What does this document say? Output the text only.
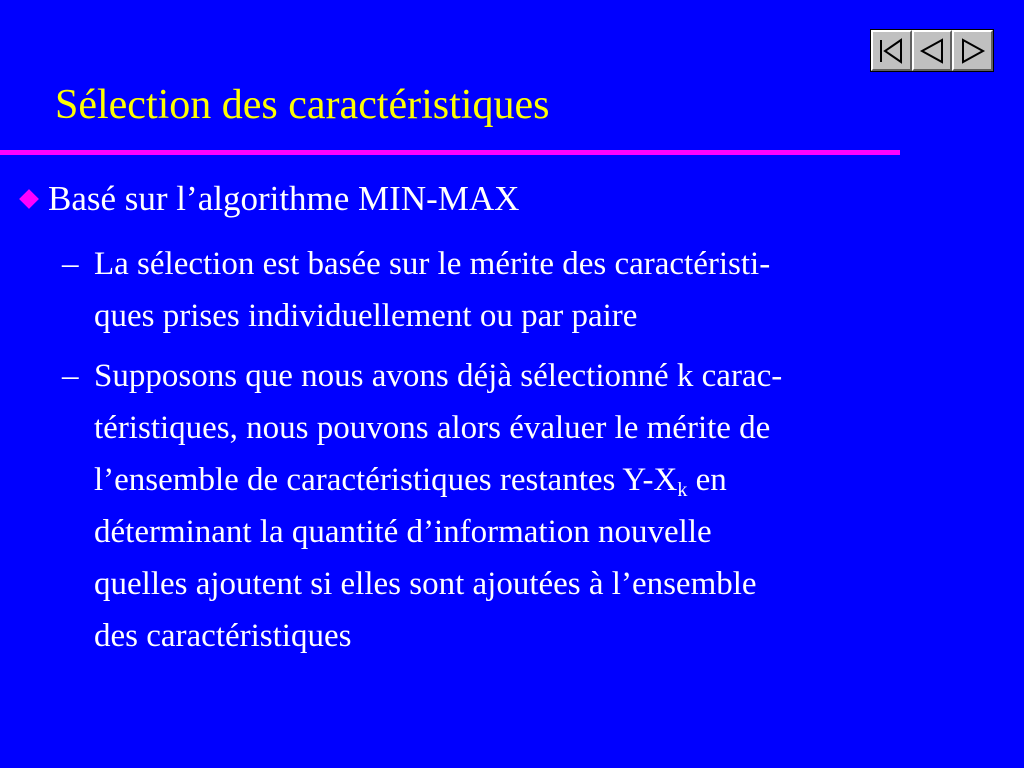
Sélection des caractéristiques
Basé sur l’algorithme MIN-MAX
– La sélection est basée sur le mérite des caractéristi-
ques prises individuellement ou par paire
– Supposons que nous avons déjà sélectionné k carac-
téristiques, nous pouvons alors évaluer le mérite de
l’ensemble de caractéristiques restantes $Y-X_k$ en
déterminant la quantité d’information nouvelle
quelles ajoutent si elles sont ajoutées à l’ensemble
des caractéristiques
